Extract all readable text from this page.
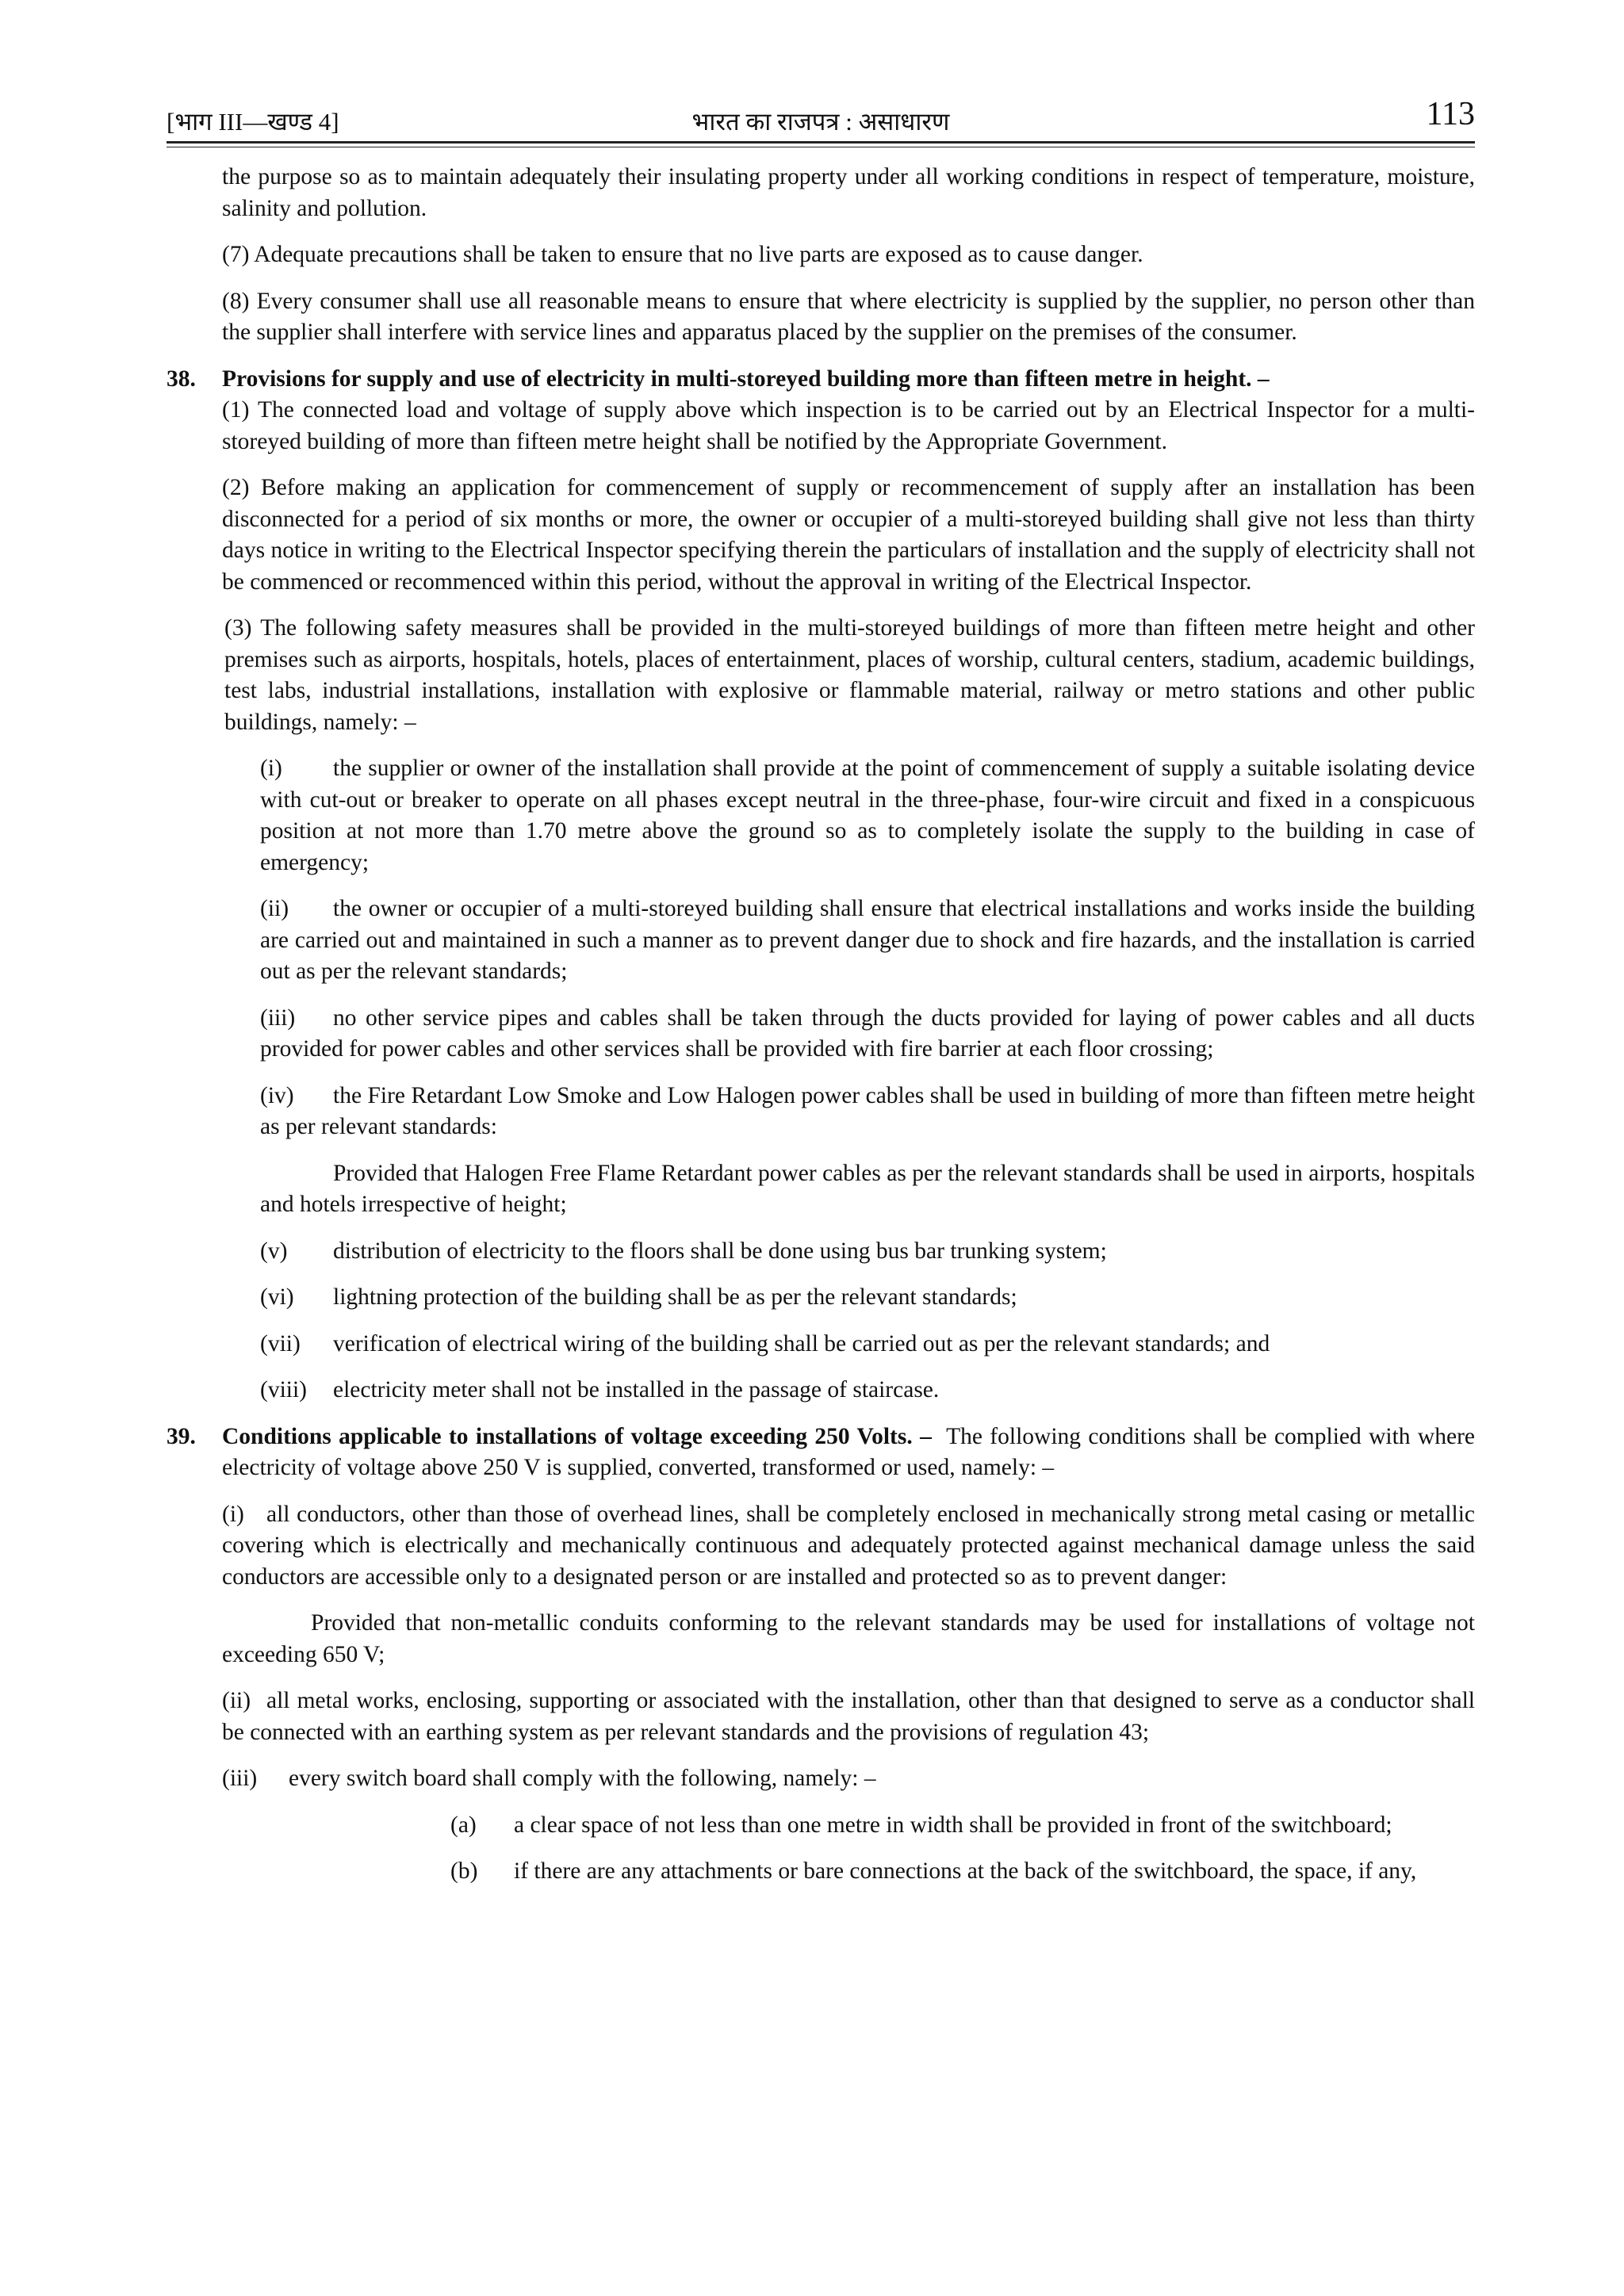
[भाग III—खण्ड 4]	भारत का राजपत्र : असाधारण	113

the purpose so as to maintain adequately their insulating property under all working conditions in respect of temperature, moisture, salinity and pollution.

(7) Adequate precautions shall be taken to ensure that no live parts are exposed as to cause danger.

(8) Every consumer shall use all reasonable means to ensure that where electricity is supplied by the supplier, no person other than the supplier shall interfere with service lines and apparatus placed by the supplier on the premises of the consumer.

38. Provisions for supply and use of electricity in multi-storeyed building more than fifteen metre in height. –
(1) The connected load and voltage of supply above which inspection is to be carried out by an Electrical Inspector for a multi-storeyed building of more than fifteen metre height shall be notified by the Appropriate Government.

(2) Before making an application for commencement of supply or recommencement of supply after an installation has been disconnected for a period of six months or more, the owner or occupier of a multi-storeyed building shall give not less than thirty days notice in writing to the Electrical Inspector specifying therein the particulars of installation and the supply of electricity shall not be commenced or recommenced within this period, without the approval in writing of the Electrical Inspector.

(3) The following safety measures shall be provided in the multi-storeyed buildings of more than fifteen metre height and other premises such as airports, hospitals, hotels, places of entertainment, places of worship, cultural centers, stadium, academic buildings, test labs, industrial installations, installation with explosive or flammable material, railway or metro stations and other public buildings, namely: –

(i) the supplier or owner of the installation shall provide at the point of commencement of supply a suitable isolating device with cut-out or breaker to operate on all phases except neutral in the three-phase, four-wire circuit and fixed in a conspicuous position at not more than 1.70 metre above the ground so as to completely isolate the supply to the building in case of emergency;

(ii) the owner or occupier of a multi-storeyed building shall ensure that electrical installations and works inside the building are carried out and maintained in such a manner as to prevent danger due to shock and fire hazards, and the installation is carried out as per the relevant standards;

(iii) no other service pipes and cables shall be taken through the ducts provided for laying of power cables and all ducts provided for power cables and other services shall be provided with fire barrier at each floor crossing;

(iv) the Fire Retardant Low Smoke and Low Halogen power cables shall be used in building of more than fifteen metre height as per relevant standards:

Provided that Halogen Free Flame Retardant power cables as per the relevant standards shall be used in airports, hospitals and hotels irrespective of height;

(v) distribution of electricity to the floors shall be done using bus bar trunking system;
(vi) lightning protection of the building shall be as per the relevant standards;
(vii) verification of electrical wiring of the building shall be carried out as per the relevant standards; and
(viii) electricity meter shall not be installed in the passage of staircase.
39. Conditions applicable to installations of voltage exceeding 250 Volts. – The following conditions shall be complied with where electricity of voltage above 250 V is supplied, converted, transformed or used, namely: –

(i) all conductors, other than those of overhead lines, shall be completely enclosed in mechanically strong metal casing or metallic covering which is electrically and mechanically continuous and adequately protected against mechanical damage unless the said conductors are accessible only to a designated person or are installed and protected so as to prevent danger:

Provided that non-metallic conduits conforming to the relevant standards may be used for installations of voltage not exceeding 650 V;

(ii) all metal works, enclosing, supporting or associated with the installation, other than that designed to serve as a conductor shall be connected with an earthing system as per relevant standards and the provisions of regulation 43;

(iii) every switch board shall comply with the following, namely: –
(a) a clear space of not less than one metre in width shall be provided in front of the switchboard;
(b) if there are any attachments or bare connections at the back of the switchboard, the space, if any,
